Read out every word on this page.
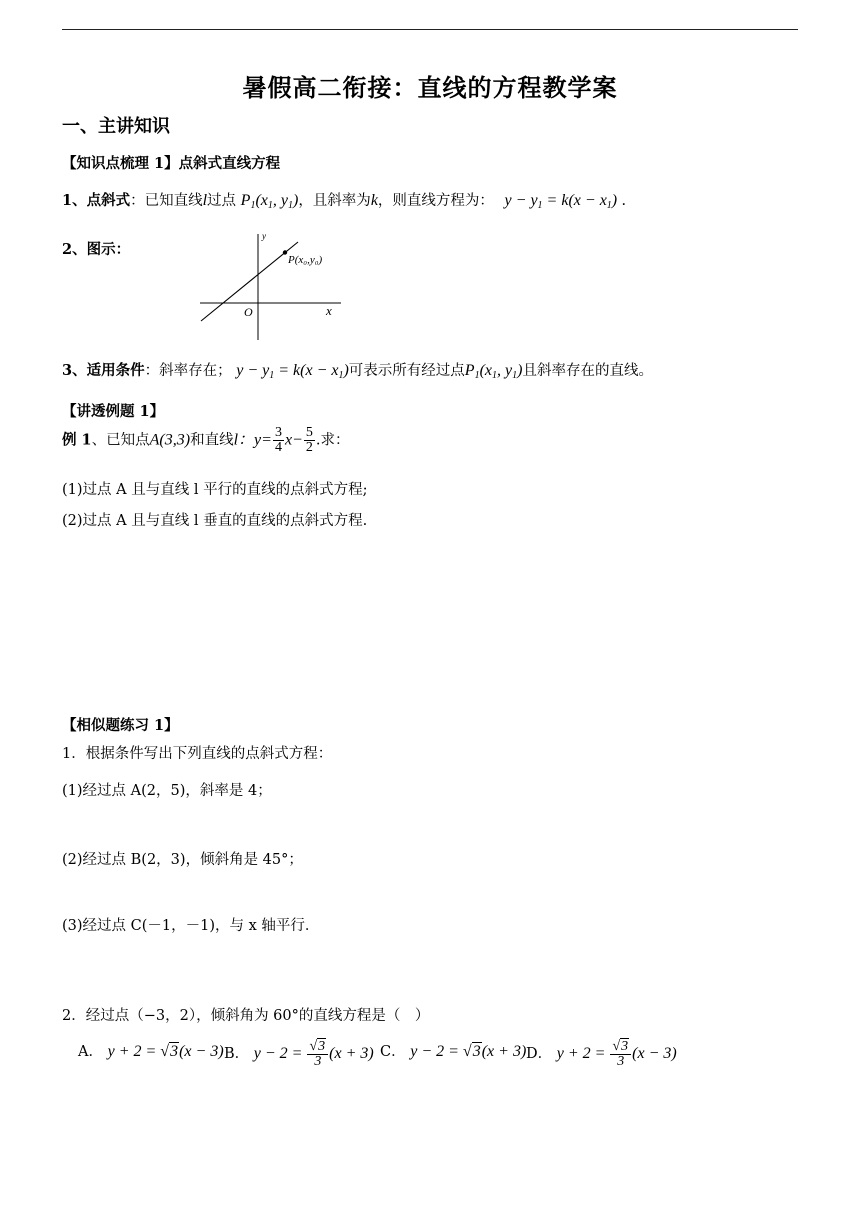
暑假高二衔接：直线的方程教学案
一、主讲知识
【知识点梳理 1】点斜式直线方程
1、点斜式：已知直线l过点 $P_1(x_1$, $y_1$)，且斜率为k，则直线方程为： $y - y_1 = k(x - x_1)$ .
2、图示：
y
x
O
P(x₀,y₀)
3、适用条件：斜率存在； $y - y_1 = k(x - x_1)$可表示所有经过点$P_1(x_1$, $y_1$)且斜率存在的直线。
【讲透例题 1】
例 1、已知点A(3,3)和直线l：$y= \frac{3}{4} x- \frac{5}{2}$ .求：
(1)过点 A 且与直线 l 平行的直线的点斜式方程;
(2)过点 A 且与直线 l 垂直的直线的点斜式方程.
【相似题练习 1】
1．根据条件写出下列直线的点斜式方程：
(1)经过点 A(2，5)，斜率是 4；
(2)经过点 B(2，3)，倾斜角是 45°；
(3)经过点 C(－1，－1)，与 x 轴平行．
2．经过点（−3，2），倾斜角为 60°的直线方程是（　）
A． y + 2 = √3(x − 3) B． $y - 2 = \frac{√3}{3} (x + 3)$ C． y − 2 = √3(x + 3) D． $y + 2 = \frac{√3}{3} (x - 3)$
